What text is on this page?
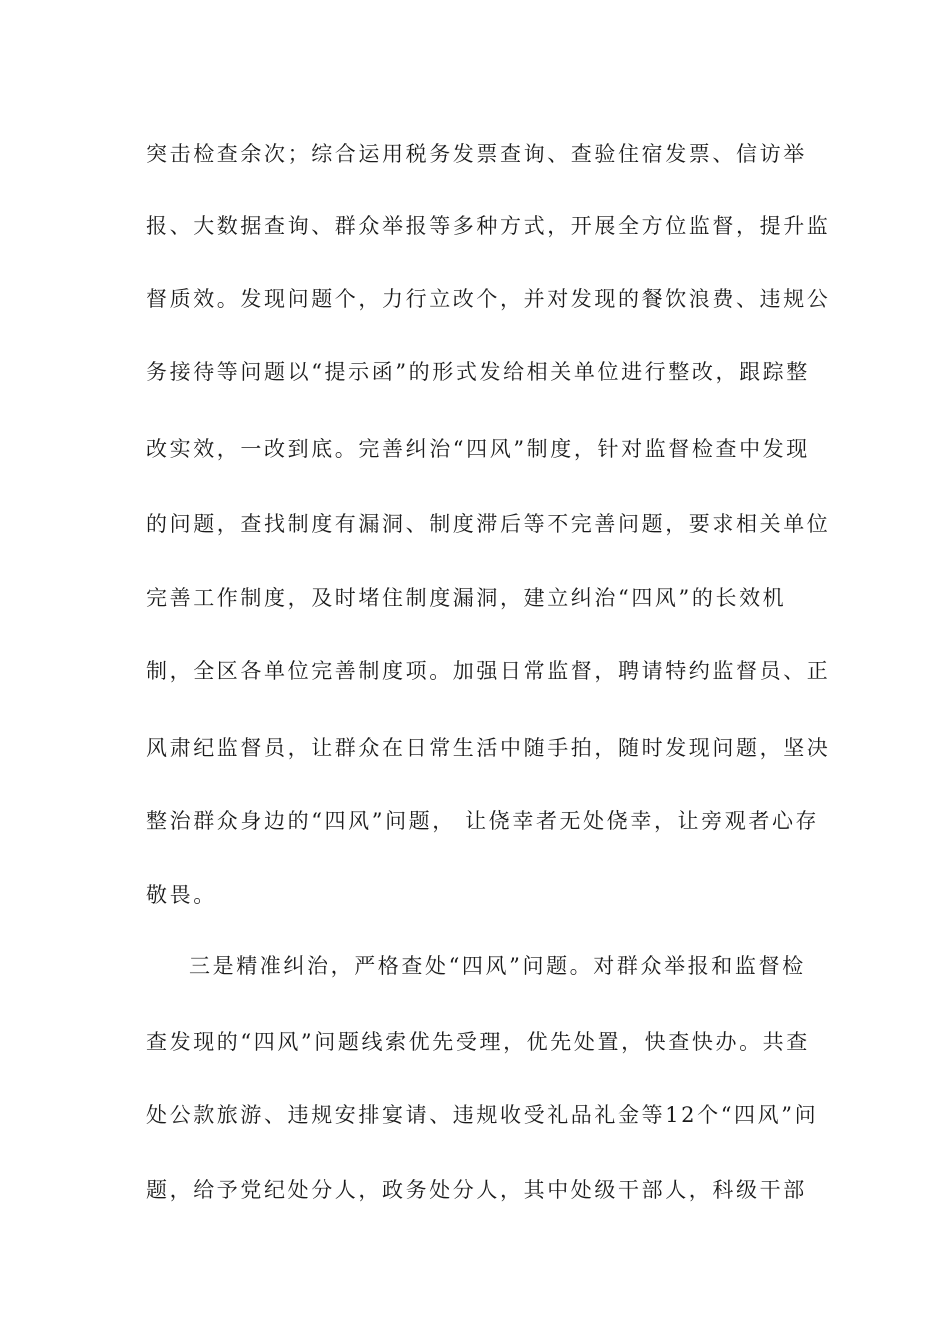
突击检查余次；综合运用税务发票查询、查验住宿发票、信访举
报、大数据查询、群众举报等多种方式，开展全方位监督，提升监
督质效。发现问题个，力行立改个，并对发现的餐饮浪费、违规公
务接待等问题以“提示函”的形式发给相关单位进行整改，跟踪整
改实效，一改到底。完善纠治“四风”制度，针对监督检查中发现
的问题，查找制度有漏洞、制度滞后等不完善问题，要求相关单位
完善工作制度，及时堵住制度漏洞，建立纠治“四风”的长效机
制，全区各单位完善制度项。加强日常监督，聘请特约监督员、正
风肃纪监督员，让群众在日常生活中随手拍，随时发现问题，坚决
整治群众身边的“四风”问题， 让侥幸者无处侥幸，让旁观者心存
敬畏。
三是精准纠治，严格查处“四风”问题。对群众举报和监督检
查发现的“四风”问题线索优先受理，优先处置，快查快办。共查
处公款旅游、违规安排宴请、违规收受礼品礼金等12个“四风”问
题，给予党纪处分人，政务处分人，其中处级干部人，科级干部
